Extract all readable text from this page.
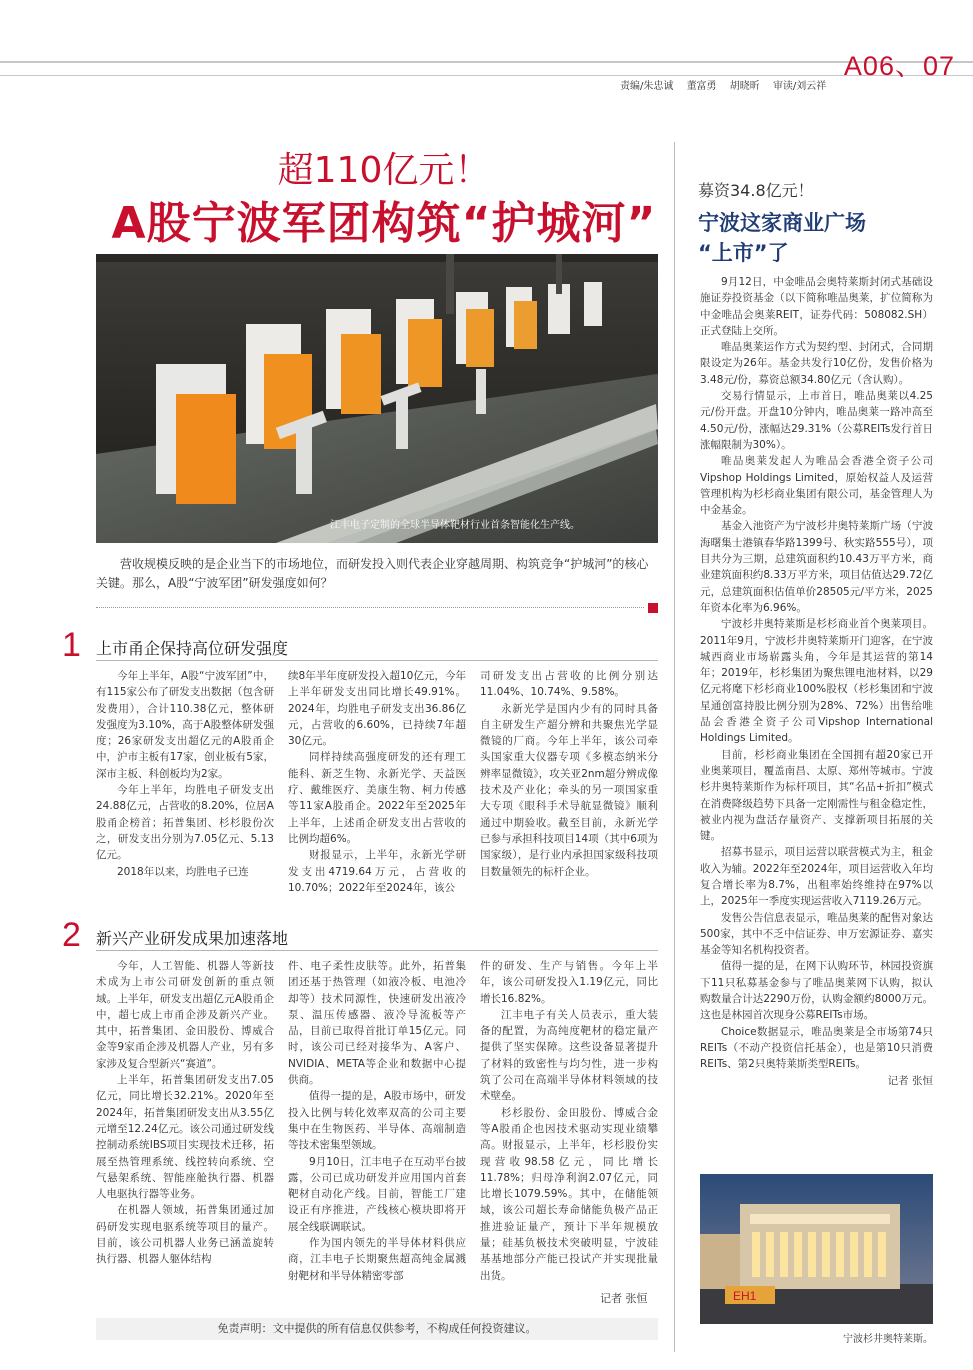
A06、07
责编/朱忠诚 董富勇 胡晓昕 审读/刘云祥
超110亿元！
A股宁波军团构筑“护城河”
江丰电子定制的全球半导体靶材行业首条智能化生产线。
营收规模反映的是企业当下的市场地位，而研发投入则代表企业穿越周期、构筑竞争“护城河”的核心关键。那么，A股“宁波军团”研发强度如何？
1 上市甬企保持高位研发强度

今年上半年，A股“宁波军团”中，有115家公布了研发支出数据（包含研发费用），合计110.38亿元，整体研发强度为3.10%，高于A股整体研发强度；26家研发支出超亿元的A股甬企中，沪市主板有17家，创业板有5家，深市主板、科创板均为2家。

今年上半年，均胜电子研发支出24.88亿元，占营收的8.20%，位居A股甬企榜首；拓普集团、杉杉股份次之，研发支出分别为7.05亿元、5.13亿元。

2018年以来，均胜电子已连

续8年半年度研发投入超10亿元，今年上半年研发支出同比增长49.91%。2024年，均胜电子研发支出36.86亿元，占营收的6.60%，已持续7年超30亿元。

同样持续高强度研发的还有理工能科、新芝生物、永新光学、天益医疗、戴维医疗、美康生物、柯力传感等11家A股甬企。2022年至2025年上半年，上述甬企研发支出占营收的比例均超6%。

财报显示，上半年，永新光学研发支出4719.64万元，占营收的10.70%；2022年至2024年，该公

司研发支出占营收的比例分别达11.04%、10.74%、9.58%。

永新光学是国内少有的同时具备自主研发生产超分辨和共聚焦光学显微镜的厂商。今年上半年，该公司牵头国家重大仪器专项《多模态纳米分辨率显微镜》，攻关亚2nm超分辨成像技术及产业化；牵头的另一项国家重大专项《眼科手术导航显微镜》顺利通过中期验收。截至目前，永新光学已参与承担科技项目14项（其中6项为国家级），是行业内承担国家级科技项目数量领先的标杆企业。

2 新兴产业研发成果加速落地

今年，人工智能、机器人等新技术成为上市公司研发创新的重点领域。上半年，研发支出超亿元A股甬企中，超七成上市甬企涉及新兴产业。其中，拓普集团、金田股份、博威合金等9家甬企涉及机器人产业，另有多家涉及复合型新兴“赛道”。

上半年，拓普集团研发支出7.05亿元，同比增长32.21%。2020年至2024年，拓普集团研发支出从3.55亿元增至12.24亿元。该公司通过研发线控制动系统IBS项目实现技术迁移，拓展至热管理系统、线控转向系统、空气悬架系统、智能座舱执行器、机器人电驱执行器等业务。

在机器人领域，拓普集团通过加码研发实现电驱系统等项目的量产。目前，该公司机器人业务已涵盖旋转执行器、机器人躯体结构

件、电子柔性皮肤等。此外，拓普集团还基于热管理（如液冷板、电池冷却等）技术同源性，快速研发出液冷泵、温压传感器、液冷导流板等产品，目前已取得首批订单15亿元。同时，该公司已经对接华为、A客户、NVIDIA、META等企业和数据中心提供商。

值得一提的是，A股市场中，研发投入比例与转化效率双高的公司主要集中在生物医药、半导体、高端制造等技术密集型领域。

9月10日，江丰电子在互动平台披露，公司已成功研发并应用国内首套靶材自动化产线。目前，智能工厂建设正有序推进，产线核心模块即将开展全线联调联试。

作为国内领先的半导体材料供应商，江丰电子长期聚焦超高纯金属溅射靶材和半导体精密零部

件的研发、生产与销售。今年上半年，该公司研发投入1.19亿元，同比增长16.82%。

江丰电子有关人员表示，重大装备的配置，为高纯度靶材的稳定量产提供了坚实保障。这些设备显著提升了材料的致密性与均匀性，进一步构筑了公司在高端半导体材料领域的技术壁垒。

杉杉股份、金田股份、博威合金等A股甬企也因技术驱动实现业绩攀高。财报显示，上半年，杉杉股份实现营收98.58亿元，同比增长11.78%；归母净利润2.07亿元，同比增长1079.59%。其中，在储能领域，该公司超长寿命储能负极产品正推进验证量产，预计下半年规模放量；硅基负极技术突破明显，宁波硅基基地部分产能已投试产并实现批量出货。

记者 张恒
免责声明：文中提供的所有信息仅供参考，不构成任何投资建议。
募资34.8亿元！
宁波这家商业广场
“上市”了

9月12日，中金唯品会奥特莱斯封闭式基础设施证券投资基金（以下简称唯品奥莱，扩位简称为中金唯品会奥莱REIT，证券代码：508082.SH）正式登陆上交所。

唯品奥莱运作方式为契约型、封闭式，合同期限设定为26年。基金共发行10亿份，发售价格为3.48元/份，募资总额34.80亿元（含认购）。

交易行情显示，上市首日，唯品奥莱以4.25元/份开盘。开盘10分钟内，唯品奥莱一路冲高至4.50元/份，涨幅达29.31%（公募REITs发行首日涨幅限制为30%）。

唯品奥莱发起人为唯品会香港全资子公司Vipshop Holdings Limited，原始权益人及运营管理机构为杉杉商业集团有限公司，基金管理人为中金基金。

基金入池资产为宁波杉井奥特莱斯广场（宁波海曙集士港镇春华路1399号、秋实路555号），项目共分为三期，总建筑面积约10.43万平方米，商业建筑面积约8.33万平方米，项目估值达29.72亿元，总建筑面积估值单价28505元/平方米，2025年资本化率为6.96%。

宁波杉井奥特莱斯是杉杉商业首个奥莱项目。2011年9月，宁波杉井奥特莱斯开门迎客，在宁波城西商业市场崭露头角，今年是其运营的第14年；2019年，杉杉集团为聚焦锂电池材料，以29亿元将麾下杉杉商业100%股权（杉杉集团和宁波星通创富持股比例分别为28%、72%）出售给唯品会香港全资子公司Vipshop International Holdings Limited。

目前，杉杉商业集团在全国拥有超20家已开业奥莱项目，覆盖南昌、太原、郑州等城市。宁波杉井奥特莱斯作为标杆项目，其“名品+折扣”模式在消费降级趋势下具备一定刚需性与租金稳定性，被业内视为盘活存量资产、支撑新项目拓展的关键。

招募书显示，项目运营以联营模式为主，租金收入为辅。2022年至2024年，项目运营收入年均复合增长率为8.7%，出租率始终维持在97%以上，2025年一季度实现运营收入7119.26万元。

发售公告信息表显示，唯品奥莱的配售对象达500家，其中不乏中信证券、申万宏源证券、嘉实基金等知名机构投资者。

值得一提的是，在网下认购环节，林园投资旗下11只私募基金参与了唯品奥莱网下认购，拟认购数量合计达2290万份，认购金额约8000万元。这也是林园首次现身公募REITs市场。

Choice数据显示，唯品奥莱是全市场第74只REITs（不动产投资信托基金），也是第10只消费REITs、第2只奥特莱斯类型REITs。

记者 张恒
EH1
宁波杉井奥特莱斯。
